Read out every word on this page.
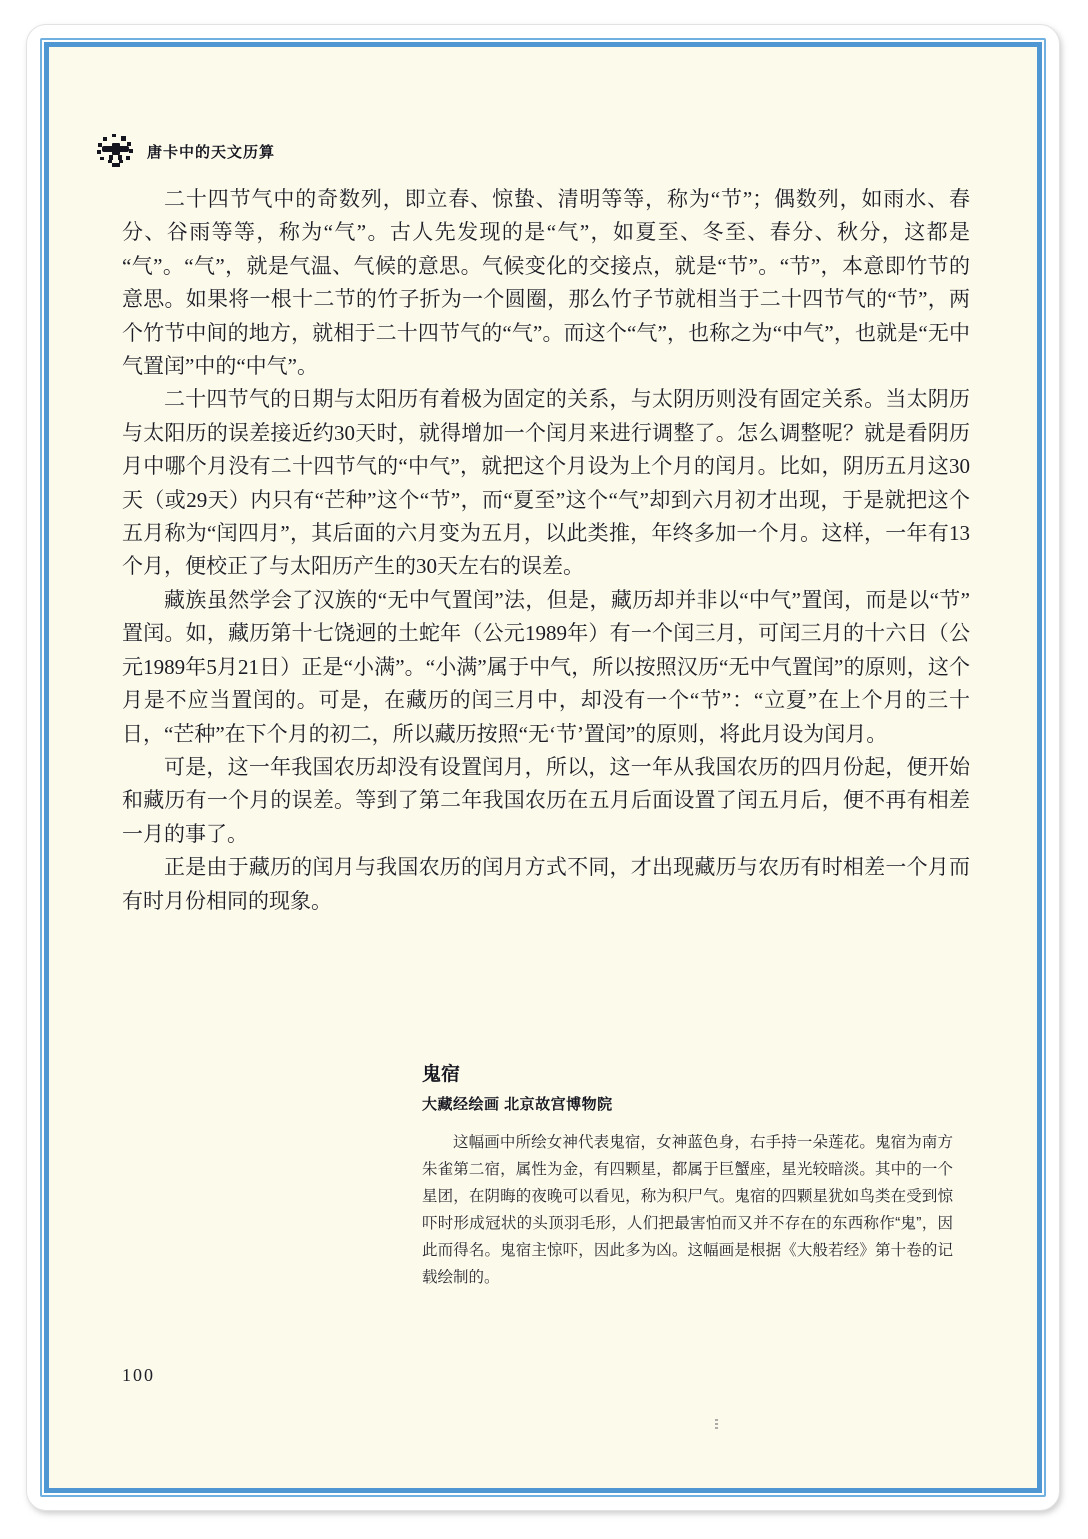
唐卡中的天文历算

二十四节气中的奇数列，即立春、惊蛰、清明等等，称为“节”；偶数列，如雨水、春分、谷雨等等，称为“气”。古人先发现的是“气”，如夏至、冬至、春分、秋分，这都是“气”。“气”，就是气温、气候的意思。气候变化的交接点，就是“节”。“节”，本意即竹节的意思。如果将一根十二节的竹子折为一个圆圈，那么竹子节就相当于二十四节气的“节”，两个竹节中间的地方，就相于二十四节气的“气”。而这个“气”，也称之为“中气”，也就是“无中气置闰”中的“中气”。

二十四节气的日期与太阳历有着极为固定的关系，与太阴历则没有固定关系。当太阴历与太阳历的误差接近约30天时，就得增加一个闰月来进行调整了。怎么调整呢？就是看阴历月中哪个月没有二十四节气的“中气”，就把这个月设为上个月的闰月。比如，阴历五月这30天（或29天）内只有“芒种”这个“节”，而“夏至”这个“气”却到六月初才出现，于是就把这个五月称为“闰四月”，其后面的六月变为五月，以此类推，年终多加一个月。这样，一年有13个月，便校正了与太阳历产生的30天左右的误差。

藏族虽然学会了汉族的“无中气置闰”法，但是，藏历却并非以“中气”置闰，而是以“节”置闰。如，藏历第十七饶迥的土蛇年（公元1989年）有一个闰三月，可闰三月的十六日（公元1989年5月21日）正是“小满”。“小满”属于中气，所以按照汉历“无中气置闰”的原则，这个月是不应当置闰的。可是，在藏历的闰三月中，却没有一个“节”：“立夏”在上个月的三十日，“芒种”在下个月的初二，所以藏历按照“无‘节’置闰”的原则，将此月设为闰月。

可是，这一年我国农历却没有设置闰月，所以，这一年从我国农历的四月份起，便开始和藏历有一个月的误差。等到了第二年我国农历在五月后面设置了闰五月后，便不再有相差一月的事了。

正是由于藏历的闰月与我国农历的闰月方式不同，才出现藏历与农历有时相差一个月而有时月份相同的现象。

鬼宿
大藏经绘画 北京故宫博物院

这幅画中所绘女神代表鬼宿，女神蓝色身，右手持一朵莲花。鬼宿为南方朱雀第二宿，属性为金，有四颗星，都属于巨蟹座，星光较暗淡。其中的一个星团，在阴晦的夜晚可以看见，称为积尸气。鬼宿的四颗星犹如鸟类在受到惊吓时形成冠状的头顶羽毛形，人们把最害怕而又并不存在的东西称作“鬼”，因此而得名。鬼宿主惊吓，因此多为凶。这幅画是根据《大般若经》第十卷的记载绘制的。

100
